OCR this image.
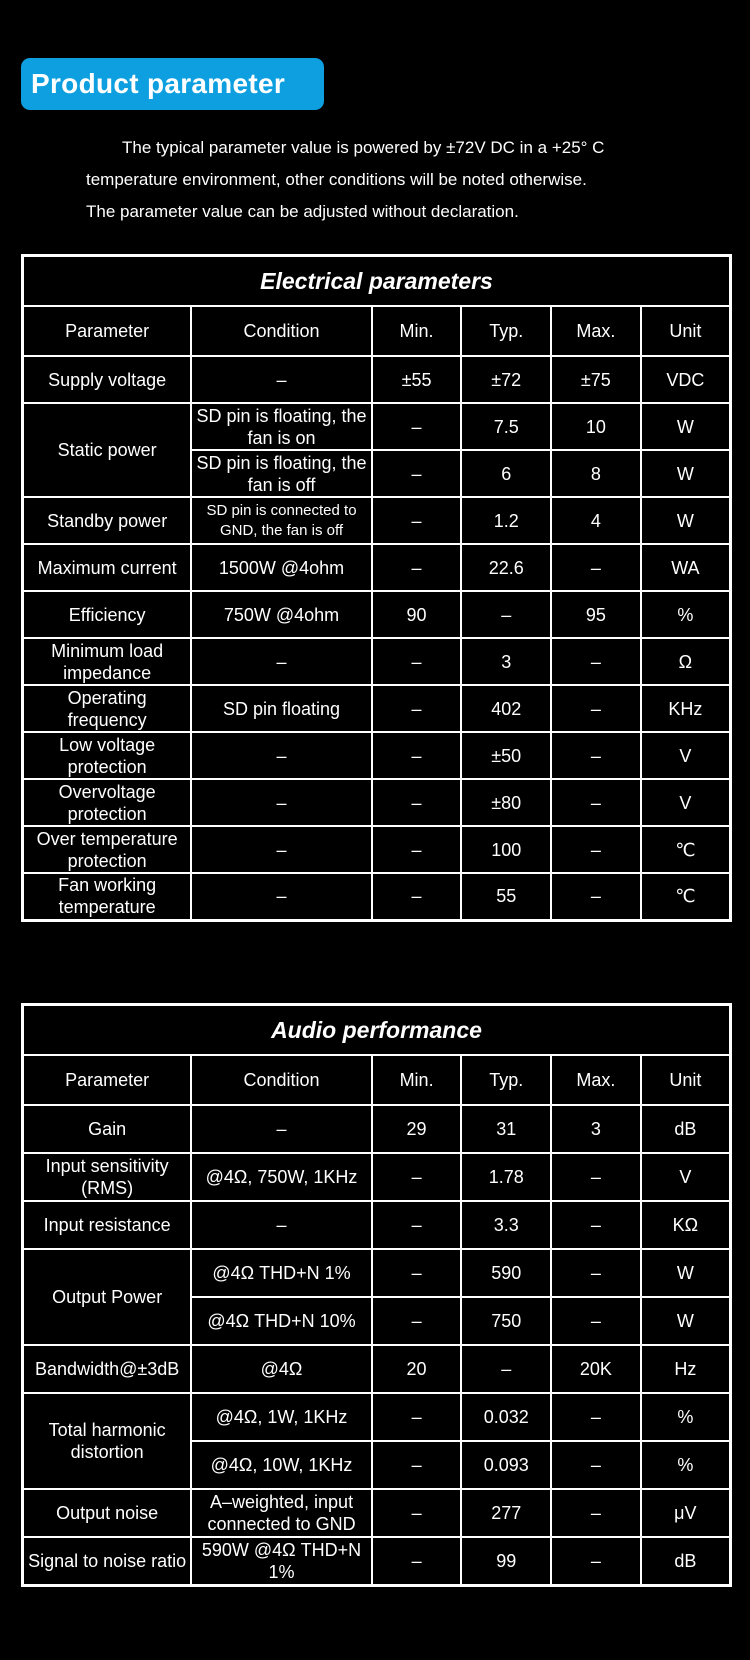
Product parameter

The typical parameter value is powered by ±72V DC in a +25° C

temperature environment, other conditions will be noted otherwise.

The parameter value can be adjusted without declaration.

Electrical parameters					
Parameter	Condition	Min.	Typ.	Max.	Unit
Supply voltage	–	±55	±72	±75	VDC
Static power	SD pin is floating, the fan is on	–	7.5	10	W
	SD pin is floating, the fan is off	–	6	8	W
Standby power	SD pin is connected to GND, the fan is off	–	1.2	4	W
Maximum current	1500W @4ohm	–	22.6	–	WA
Efficiency	750W @4ohm	90	–	95	%
Minimum load impedance	–	–	3	–	Ω
Operating frequency	SD pin floating	–	402	–	KHz
Low voltage protection	–	–	±50	–	V
Overvoltage protection	–	–	±80	–	V
Over temperature protection	–	–	100	–	℃
Fan working temperature	–	–	55	–	℃
Audio performance					
Parameter	Condition	Min.	Typ.	Max.	Unit
Gain	–	29	31	3	dB
Input sensitivity (RMS)	@4Ω, 750W, 1KHz	–	1.78	–	V
Input resistance	–	–	3.3	–	KΩ
Output Power	@4Ω THD+N 1%	–	590	–	W
	@4Ω THD+N 10%	–	750	–	W
Bandwidth@±3dB	@4Ω	20	–	20K	Hz
Total harmonic distortion	@4Ω, 1W, 1KHz	–	0.032	–	%
	@4Ω, 10W, 1KHz	–	0.093	–	%
Output noise	A–weighted, input connected to GND	–	277	–	μV
Signal to noise ratio	590W @4Ω THD+N 1%	–	99	–	dB
